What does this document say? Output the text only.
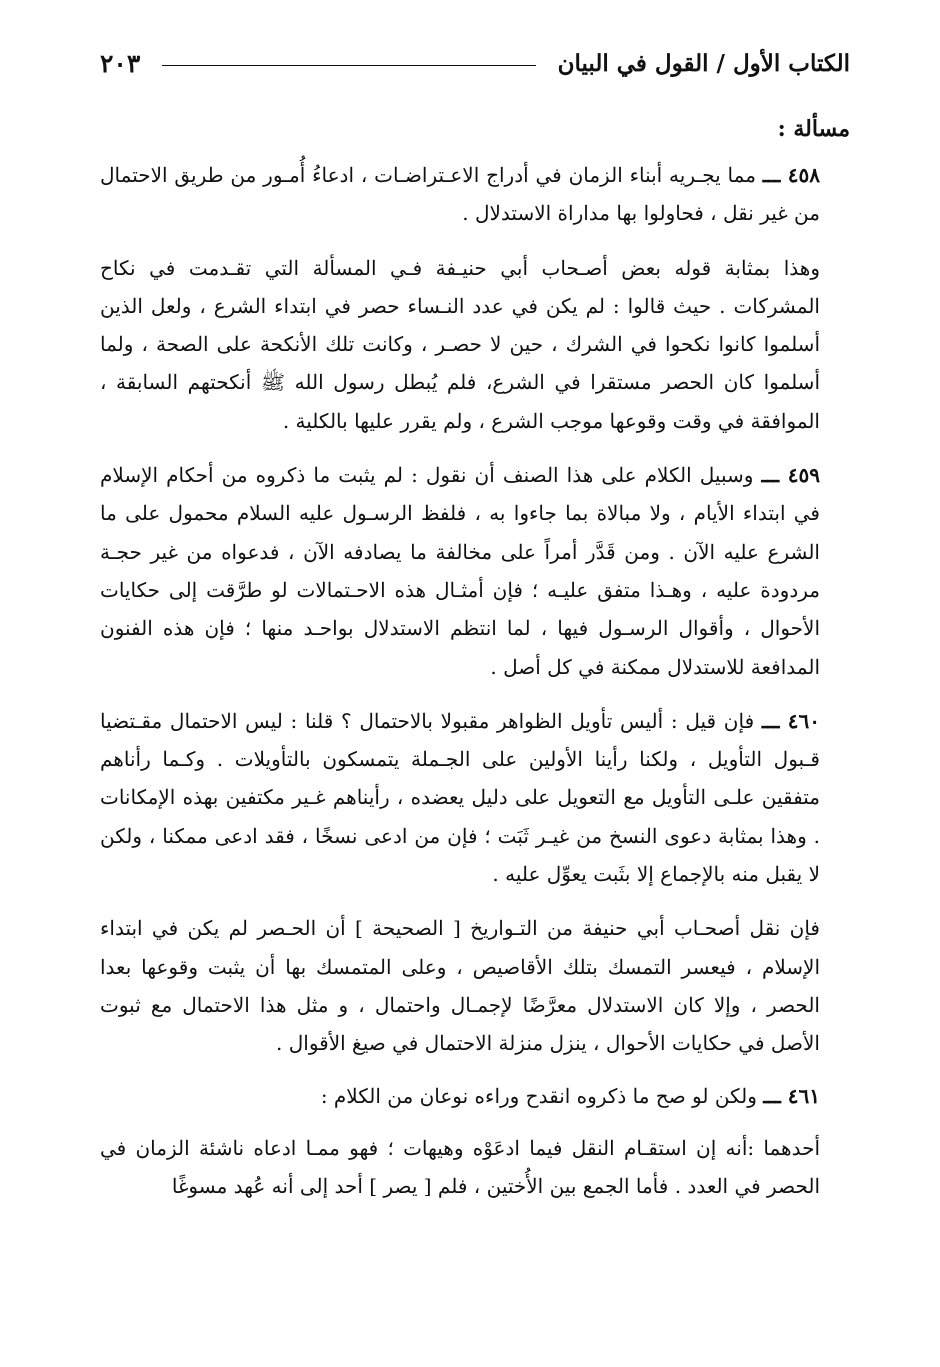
الكتاب الأول / القول في البيان
٢٠٣
مسألة :

٤٥٨ ـــ مما يجـريه أبناء الزمان في أدراج الاعـتراضـات ، ادعاءُ أُمـور من طريق الاحتمال من غير نقل ، فحاولوا بها مداراة الاستدلال .

وهذا بمثابة قوله بعض أصـحاب أبي حنيـفة فـي المسألة التي تقـدمت في نكاح المشركات . حيث قالوا : لم يكن في عدد النـساء حصر في ابتداء الشرع ، ولعل الذين أسلموا كانوا نكحوا في الشرك ، حين لا حصـر ، وكانت تلك الأنكحة على الصحة ، ولما أسلموا كان الحصر مستقرا في الشرع، فلم يُبطل رسول الله ﷺ أنكحتهم السابقة ، الموافقة في وقت وقوعها موجب الشرع ، ولم يقرر عليها بالكلية .

٤٥٩ ـــ وسبيل الكلام على هذا الصنف أن نقول : لم يثبت ما ذكروه من أحكام الإسلام في ابتداء الأيام ، ولا مبالاة بما جاءوا به ، فلفظ الرسـول عليه السلام محمول على ما الشرع عليه الآن . ومن قَدَّر أمراً على مخالفة ما يصادفه الآن ، فدعواه من غير حجـة مردودة عليه ، وهـذا متفق عليـه ؛ فإن أمثـال هذه الاحـتمالات لو طرَّقت إلى حكايات الأحوال ، وأقوال الرسـول فيها ، لما انتظم الاستدلال بواحـد منها ؛ فإن هذه الفنون المدافعة للاستدلال ممكنة في كل أصل .

٤٦٠ ـــ فإن قيل : أليس تأويل الظواهر مقبولا بالاحتمال ؟ قلنا : ليس الاحتمال مقـتضيا قـبول التأويل ، ولكنا رأينا الأولين على الجـملة يتمسكون بالتأويلات . وكـما رأناهم متفقين علـى التأويل مع التعويل على دليل يعضده ، رأيناهم غـير مكتفين بهذه الإمكانات . وهذا بمثابة دعوى النسخ من غيـر ثَبَت ؛ فإن من ادعى نسخًا ، فقد ادعى ممكنا ، ولكن لا يقبل منه بالإجماع إلا بثَبت يعوِّل عليه .

فإن نقل أصحـاب أبي حنيفة من التـواريخ [ الصحيحة ] أن الحـصر لم يكن في ابتداء الإسلام ، فيعسر التمسك بتلك الأقاصيص ، وعلى المتمسك بها أن يثبت وقوعها بعدا الحصر ، وإلا كان الاستدلال معرَّضًا لإجمـال واحتمال ، و مثل هذا الاحتمال مع ثبوت الأصل في حكايات الأحوال ، ينزل منزلة الاحتمال في صيغ الأقوال .

٤٦١ ـــ ولكن لو صح ما ذكروه انقدح وراءه نوعان من الكلام :

أحدهما :أنه إن استقـام النقل فيما ادعَوْه وهيهات ؛ فهو ممـا ادعاه ناشئة الزمان في الحصر في العدد . فأما الجمع بين الأُختين ، فلم [ يصر ] أحد إلى أنه عُهد مسوغًا
